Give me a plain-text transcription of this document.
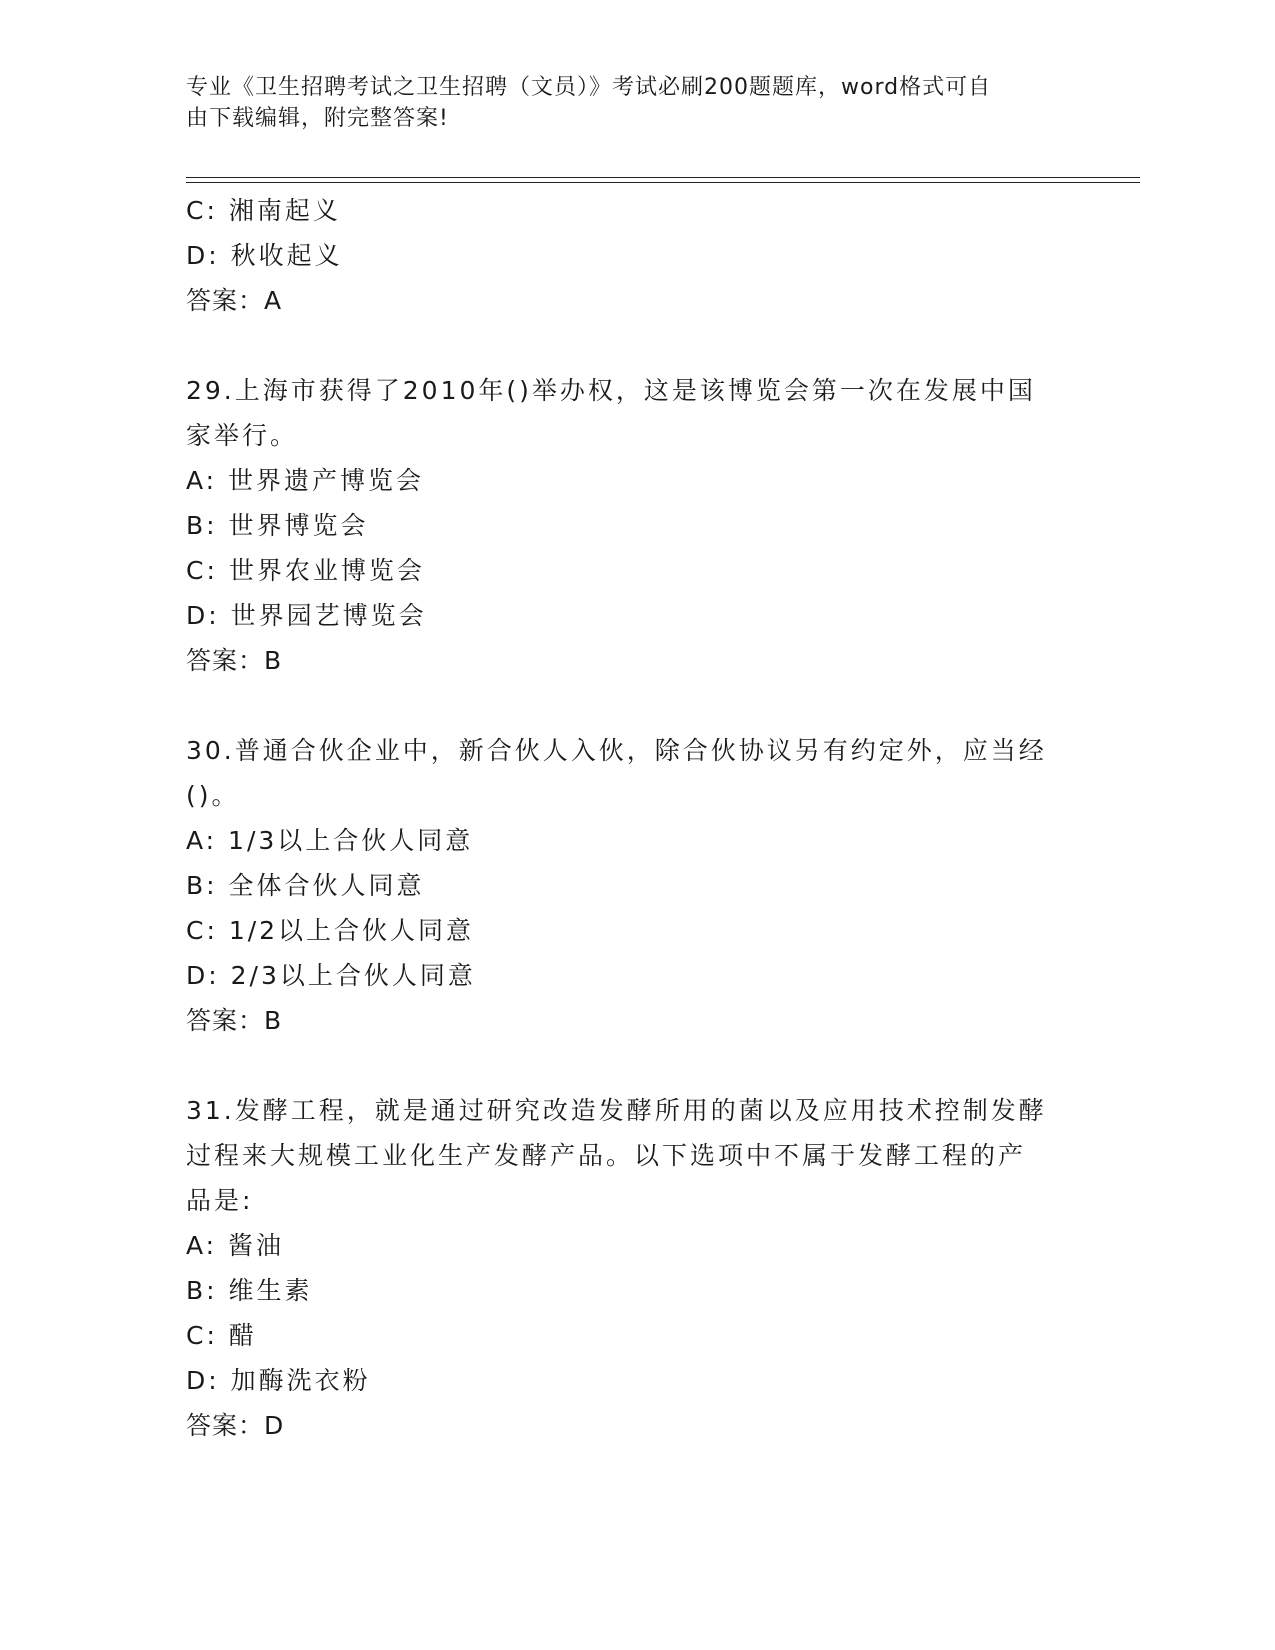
专业《卫生招聘考试之卫生招聘（文员）》考试必刷200题题库，word格式可自
由下载编辑，附完整答案!
C: 湘南起义
D: 秋收起义
答案：A
29.上海市获得了2010年()举办权，这是该博览会第一次在发展中国
家举行。
A: 世界遗产博览会
B: 世界博览会
C: 世界农业博览会
D: 世界园艺博览会
答案：B
30.普通合伙企业中，新合伙人入伙，除合伙协议另有约定外，应当经
()。
A: 1/3以上合伙人同意
B: 全体合伙人同意
C: 1/2以上合伙人同意
D: 2/3以上合伙人同意
答案：B
31.发酵工程，就是通过研究改造发酵所用的菌以及应用技术控制发酵
过程来大规模工业化生产发酵产品。以下选项中不属于发酵工程的产
品是:
A: 酱油
B: 维生素
C: 醋
D: 加酶洗衣粉
答案：D
